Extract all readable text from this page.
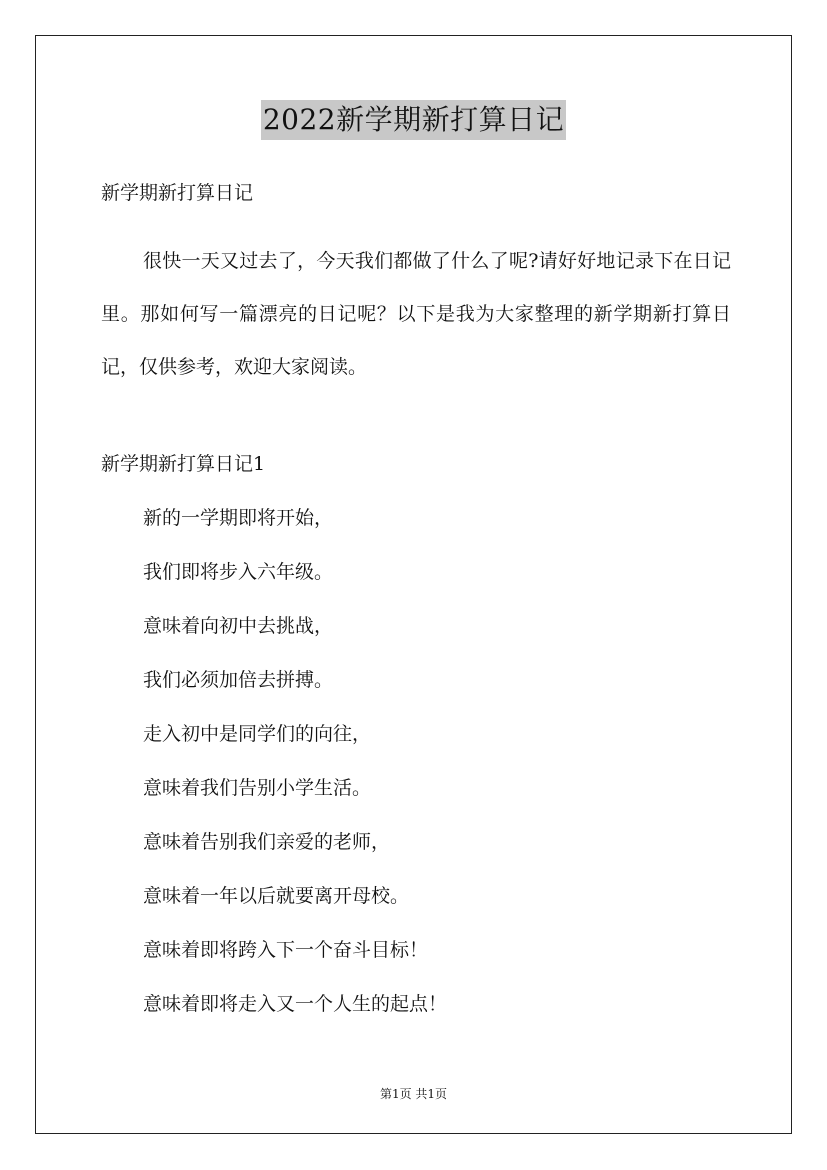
2022新学期新打算日记
新学期新打算日记

很快一天又过去了，今天我们都做了什么了呢?请好好地记录下在日记里。那如何写一篇漂亮的日记呢？以下是我为大家整理的新学期新打算日记，仅供参考，欢迎大家阅读。

新学期新打算日记1
新的一学期即将开始，
我们即将步入六年级。
意味着向初中去挑战，
我们必须加倍去拼搏。
走入初中是同学们的向往，
意味着我们告别小学生活。
意味着告别我们亲爱的老师，
意味着一年以后就要离开母校。
意味着即将跨入下一个奋斗目标！
意味着即将走入又一个人生的起点！
第1页 共1页
